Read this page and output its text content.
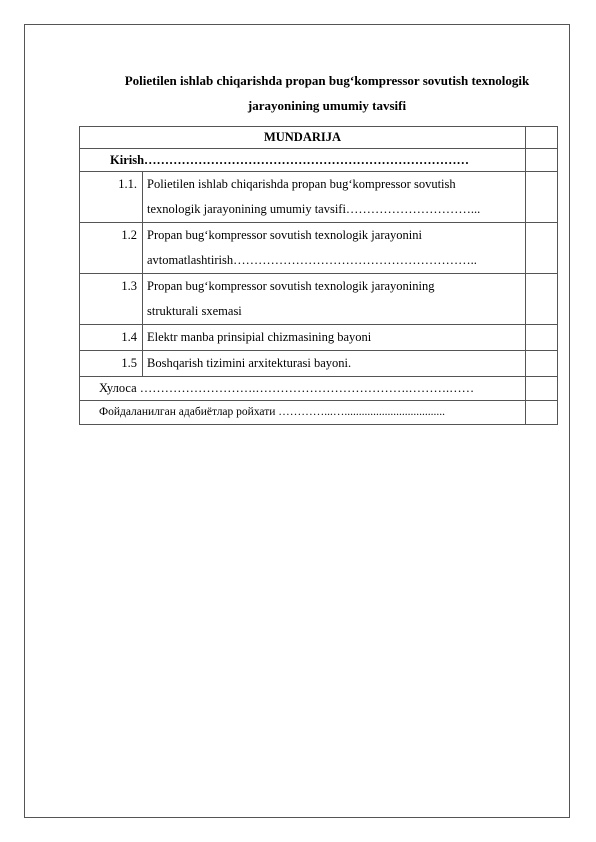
Polietilen ishlab chiqarishda propan bug‘kompressor sovutish texnologik
jarayonining umumiy tavsifi
MUNDARIJA		
Kirish……………………………………………………………………		
1.1.	Polietilen ishlab chiqarishda propan bug‘kompressor sovutish
texnologik jarayonining umumiy tavsifi…………………………...	

1.2	Propan bug‘kompressor sovutish texnologik jarayonini
avtomatlashtirish…………………………………………………..	

1.3	Propan bug‘kompressor sovutish texnologik jarayonining
strukturali sxemasi	

1.4	Elektr manba prinsipial chizmasining bayoni	

1.5	Boshqarish tizimini arxitekturasi bayoni.	

Хулоса ……………………….……………………………….……….……		
Фойдаланилган адабиётлар ройхати …………...…...................................		
